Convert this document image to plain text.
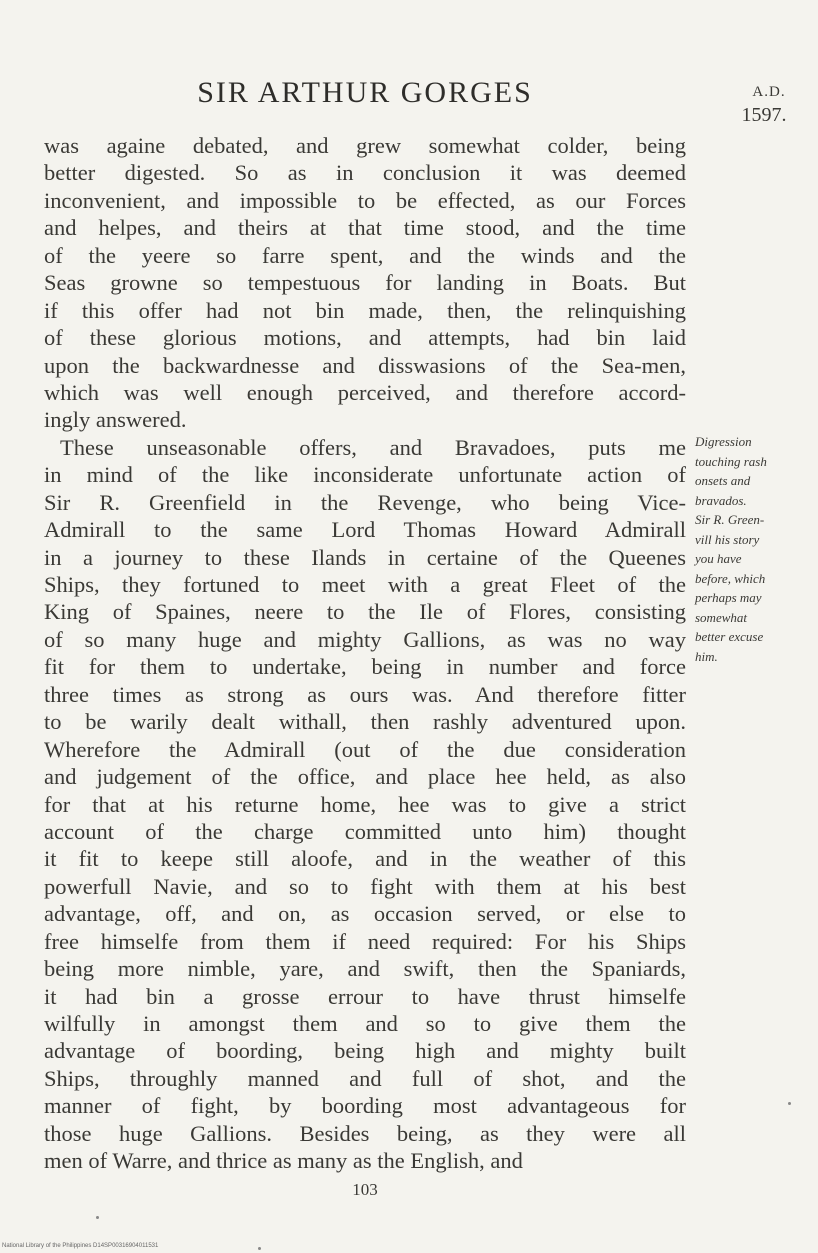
SIR ARTHUR GORGES	A.D.
1597.
was againe debated, and grew somewhat colder, being
better digested. So as in conclusion it was deemed
inconvenient, and impossible to be effected, as our Forces
and helpes, and theirs at that time stood, and the time
of the yeere so farre spent, and the winds and the
Seas growne so tempestuous for landing in Boats. But
if this offer had not bin made, then, the relinquishing
of these glorious motions, and attempts, had bin laid
upon the backwardnesse and disswasions of the Sea-men,
which was well enough perceived, and therefore accord-
ingly answered.
These unseasonable offers, and Bravadoes, puts me
in mind of the like inconsiderate unfortunate action of
Sir R. Greenfield in the Revenge, who being Vice-
Admirall to the same Lord Thomas Howard Admirall
in a journey to these Ilands in certaine of the Queenes
Ships, they fortuned to meet with a great Fleet of the
King of Spaines, neere to the Ile of Flores, consisting
of so many huge and mighty Gallions, as was no way
fit for them to undertake, being in number and force
three times as strong as ours was. And therefore fitter
to be warily dealt withall, then rashly adventured upon.
Wherefore the Admirall (out of the due consideration
and judgement of the office, and place hee held, as also
for that at his returne home, hee was to give a strict
account of the charge committed unto him) thought
it fit to keepe still aloofe, and in the weather of this
powerfull Navie, and so to fight with them at his best
advantage, off, and on, as occasion served, or else to
free himselfe from them if need required: For his Ships
being more nimble, yare, and swift, then the Spaniards,
it had bin a grosse errour to have thrust himselfe
wilfully in amongst them and so to give them the
advantage of boording, being high and mighty built
Ships, throughly manned and full of shot, and the
manner of fight, by boording most advantageous for
those huge Gallions. Besides being, as they were all
men of Warre, and thrice as many as the English, and
Digression
touching rash
onsets and
bravados.
Sir R. Green-
vill his story
you have
before, which
perhaps may
somewhat
better excuse
him.
103
National Library of the Philippines D14SP00316904011531
